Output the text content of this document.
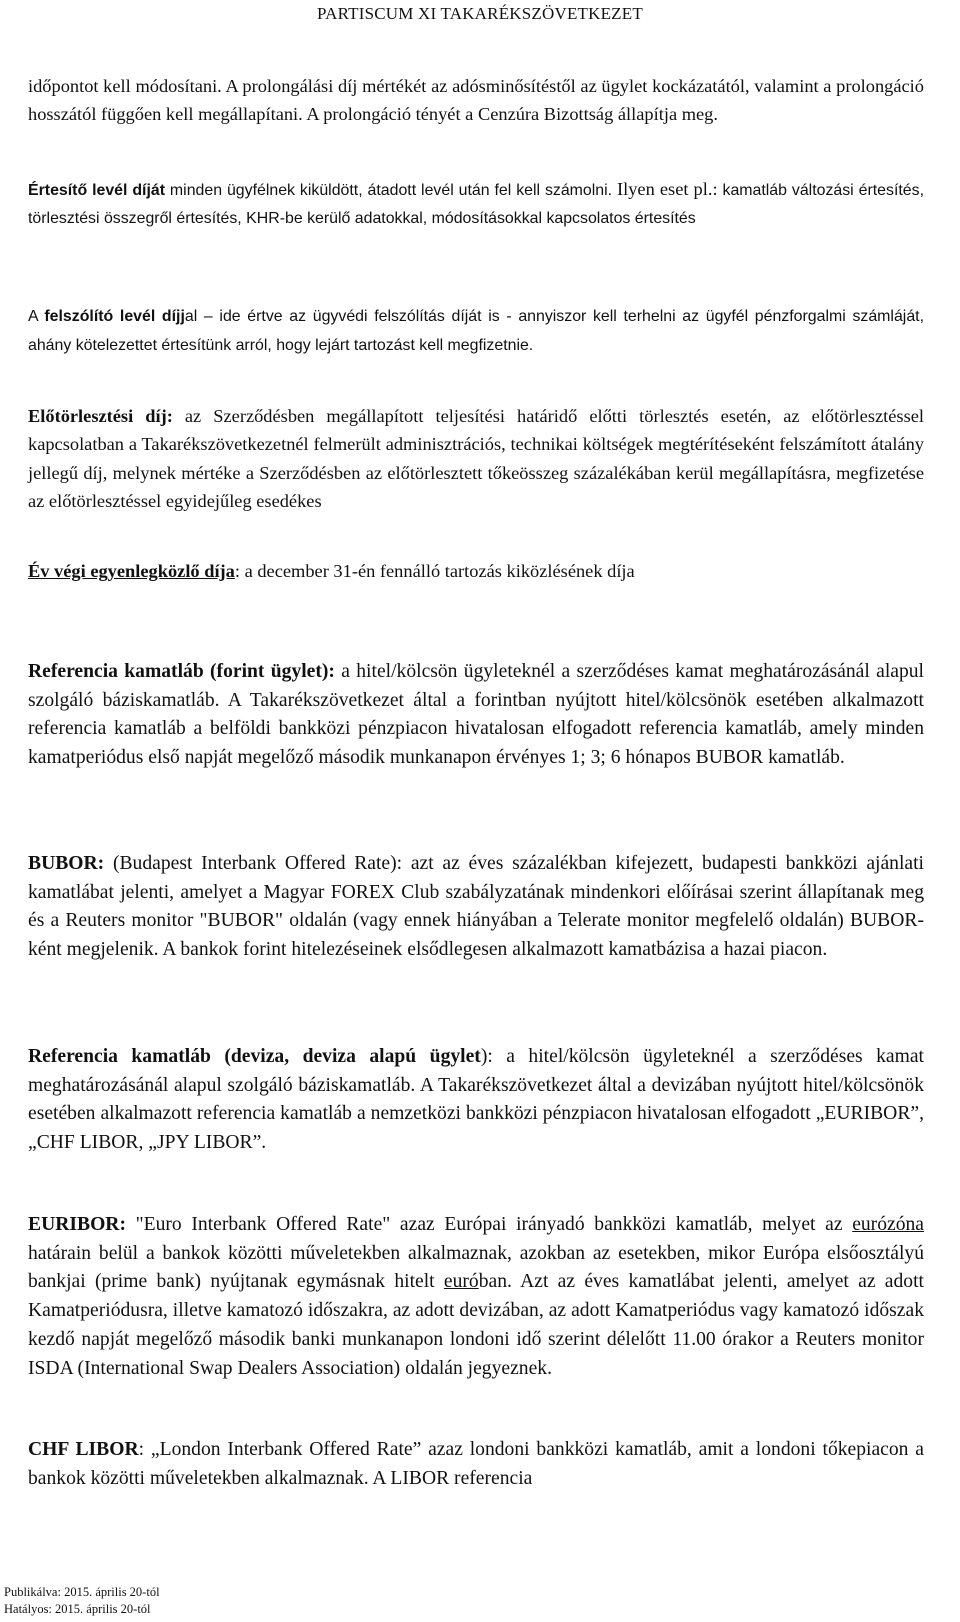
PARTISCUM XI TAKARÉKSZÖVETKEZET
időpontot kell módosítani. A prolongálási díj mértékét az adósminősítéstől az ügylet kockázatától, valamint a prolongáció hosszától függően kell megállapítani. A prolongáció tényét a Cenzúra Bizottság állapítja meg.
Értesítő levél díját minden ügyfélnek kiküldött, átadott levél után fel kell számolni. Ilyen eset pl.: kamatláb változási értesítés, törlesztési összegről értesítés, KHR-be kerülő adatokkal, módosításokkal kapcsolatos értesítés
A felszólító levél díjjal – ide értve az ügyvédi felszólítás díját is - annyiszor kell terhelni az ügyfél pénzforgalmi számláját, ahány kötelezettet értesítünk arról, hogy lejárt tartozást kell megfizetnie.
Előtörlesztési díj: az Szerződésben megállapított teljesítési határidő előtti törlesztés esetén, az előtörlesztéssel kapcsolatban a Takarékszövetkezetnél felmerült adminisztrációs, technikai költségek megtérítéseként felszámított átalány jellegű díj, melynek mértéke a Szerződésben az előtörlesztett tőkeösszeg százalékában kerül megállapításra, megfizetése az előtörlesztéssel egyidejűleg esedékes
Év végi egyenlegközlő díja: a december 31-én fennálló tartozás kiközlésének díja
Referencia kamatláb (forint ügylet): a hitel/kölcsön ügyleteknél a szerződéses kamat meghatározásánál alapul szolgáló báziskamatláb. A Takarékszövetkezet által a forintban nyújtott hitel/kölcsönök esetében alkalmazott referencia kamatláb a belföldi bankközi pénzpiacon hivatalosan elfogadott referencia kamatláb, amely minden kamatperiódus első napját megelőző második munkanapon érvényes 1; 3; 6 hónapos BUBOR kamatláb.
BUBOR: (Budapest Interbank Offered Rate): azt az éves százalékban kifejezett, budapesti bankközi ajánlati kamatlábat jelenti, amelyet a Magyar FOREX Club szabályzatának mindenkori előírásai szerint állapítanak meg és a Reuters monitor "BUBOR" oldalán (vagy ennek hiányában a Telerate monitor megfelelő oldalán) BUBOR-ként megjelenik. A bankok forint hitelezéseinek elsődlegesen alkalmazott kamatbázisa a hazai piacon.
Referencia kamatláb (deviza, deviza alapú ügylet): a hitel/kölcsön ügyleteknél a szerződéses kamat meghatározásánál alapul szolgáló báziskamatláb. A Takarékszövetkezet által a devizában nyújtott hitel/kölcsönök esetében alkalmazott referencia kamatláb a nemzetközi bankközi pénzpiacon hivatalosan elfogadott „EURIBOR”, „CHF LIBOR, „JPY LIBOR”.
EURIBOR: "Euro Interbank Offered Rate" azaz Európai irányadó bankközi kamatláb, melyet az eurózóna határain belül a bankok közötti műveletekben alkalmaznak, azokban az esetekben, mikor Európa elsőosztályú bankjai (prime bank) nyújtanak egymásnak hitelt euróban. Azt az éves kamatlábat jelenti, amelyet az adott Kamatperiódusra, illetve kamatozó időszakra, az adott devizában, az adott Kamatperiódus vagy kamatozó időszak kezdő napját megelőző második banki munkanapon londoni idő szerint délelőtt 11.00 órakor a Reuters monitor ISDA (International Swap Dealers Association) oldalán jegyeznek.
CHF LIBOR: „London Interbank Offered Rate” azaz londoni bankközi kamatláb, amit a londoni tőkepiacon a bankok közötti műveletekben alkalmaznak. A LIBOR referencia
Publikálva: 2015. április 20-tól
Hatályos: 2015. április 20-tól
